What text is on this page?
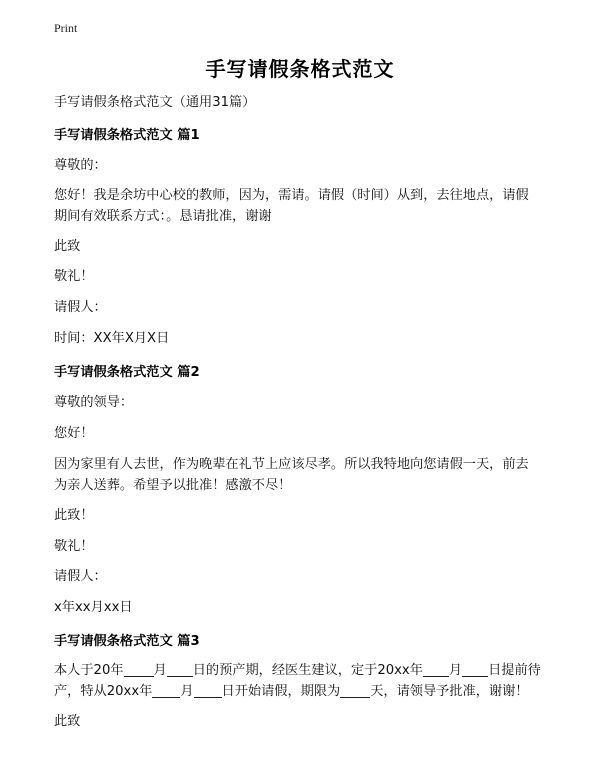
Print
手写请假条格式范文
手写请假条格式范文（通用31篇）
手写请假条格式范文 篇1
尊敬的：
您好！我是余坊中心校的教师，因为，需请。请假（时间）从到，去往地点，请假
期间有效联系方式：。恳请批准，谢谢
此致
敬礼！
请假人：
时间：XX年X月X日
手写请假条格式范文 篇2
尊敬的领导：
您好！
因为家里有人去世，作为晚辈在礼节上应该尽孝。所以我特地向您请假一天，前去
为亲人送葬。希望予以批准！感激不尽！
此致！
敬礼！
请假人：
x年xx月xx日
手写请假条格式范文 篇3
本人于20年 月 日的预产期，经医生建议，定于20xx年 月 日提前待
产，特从20xx年 月 日开始请假，期限为 天，请领导予批准，谢谢！
此致
